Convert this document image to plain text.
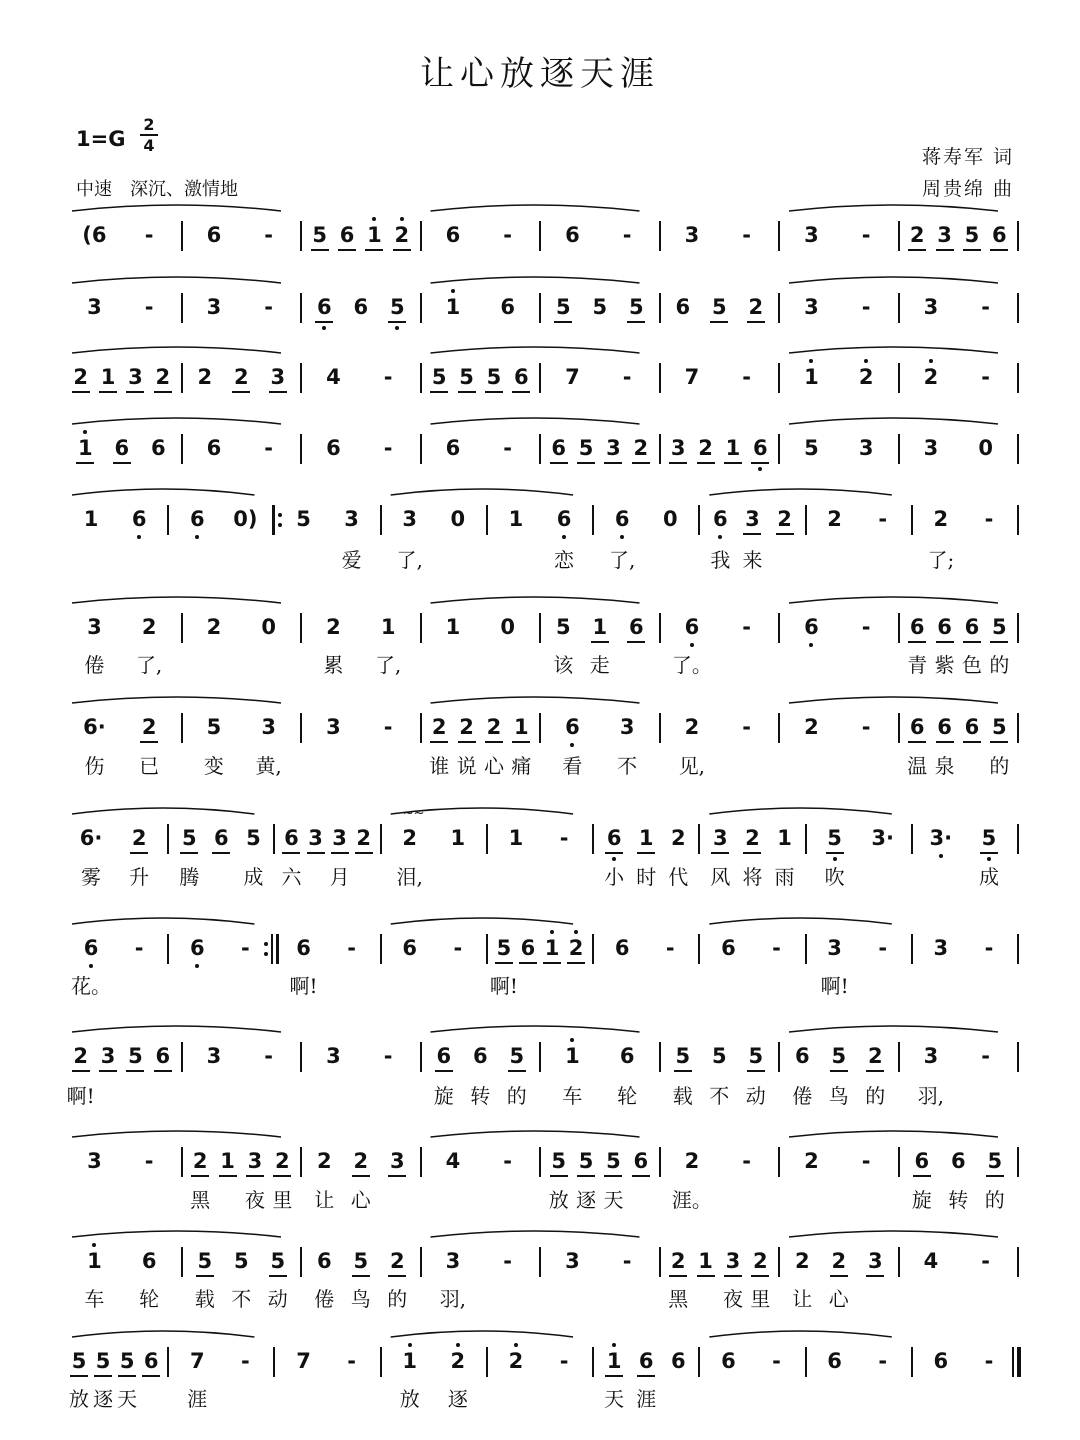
让心放逐天涯
1=G
2
4
中速　深沉、激情地
蒋寿军 词
周贵绵 曲
(6	-	6	-	5 6 1 2	6	-	6	-	3	-	3	-	2 3 5 6
3	-	3	-	6	6	5	1	6	5	5	5	6	5	2	3	-	3	-
2 1 3 2	2	2	3	4	-	5 5 5 6	7	-	7	-	1	2	2	-
1	6	6	6	-	6	-	6	-	6 5 3 2	3 2 1 6	5	3	3	0
1	6	6	0)	5	3
爱
3
了,
0	1	6
恋
6
了,
0	6
我
3
来
2	2	-	2
了;
-
3
倦
2
了,
2	0	2
累
1
了,
1	0	5
该
1
走
6	6
了。
-	6	-	6
青
6
紫
6
色
5
的
6·
伤
2
已
5
变
3
黄,
3	-	2
谁
2
说
2
心
1
痛
6
看
3
不
2
见,
-	2	-	6
温
6
泉
6 5
的
6·
雾
2
升
5
腾
6 5
成
6
六
3 3
月
2	2
~~
泪,
1	1	-	6
小
1
时
2
代
3
风
2
将
1
雨
5
吹
3·	3·	5
成
6
花。
-	6	-	6
啊!
-	6	-	5
啊!
6 1 2	6	-	6	-	3
啊!
-	3	-
2
啊!
3 5 6	3	-	3	-	6
旋
6
转
5
的
1
车
6
轮
5
载
5
不
5
动
6
倦
5
鸟
2
的
3
羽,
-
3	-	2
黑
1 3
夜
2
里
2
让
2
心
3	4	-	5
放
5
逐
5
天
6	2
涯。
-	2	-	6
旋
6
转
5
的
1
车
6
轮
5
载
5
不
5
动
6
倦
5
鸟
2
的
3
羽,
-	3	-	2
黑
1 3
夜
2
里
2
让
2
心
3	4	-
5
放
5
逐
5
天
6	7
涯
-	7	-	1
放
2
逐
2	-	1
天
6
涯
6	6	-	6	-	6	-
